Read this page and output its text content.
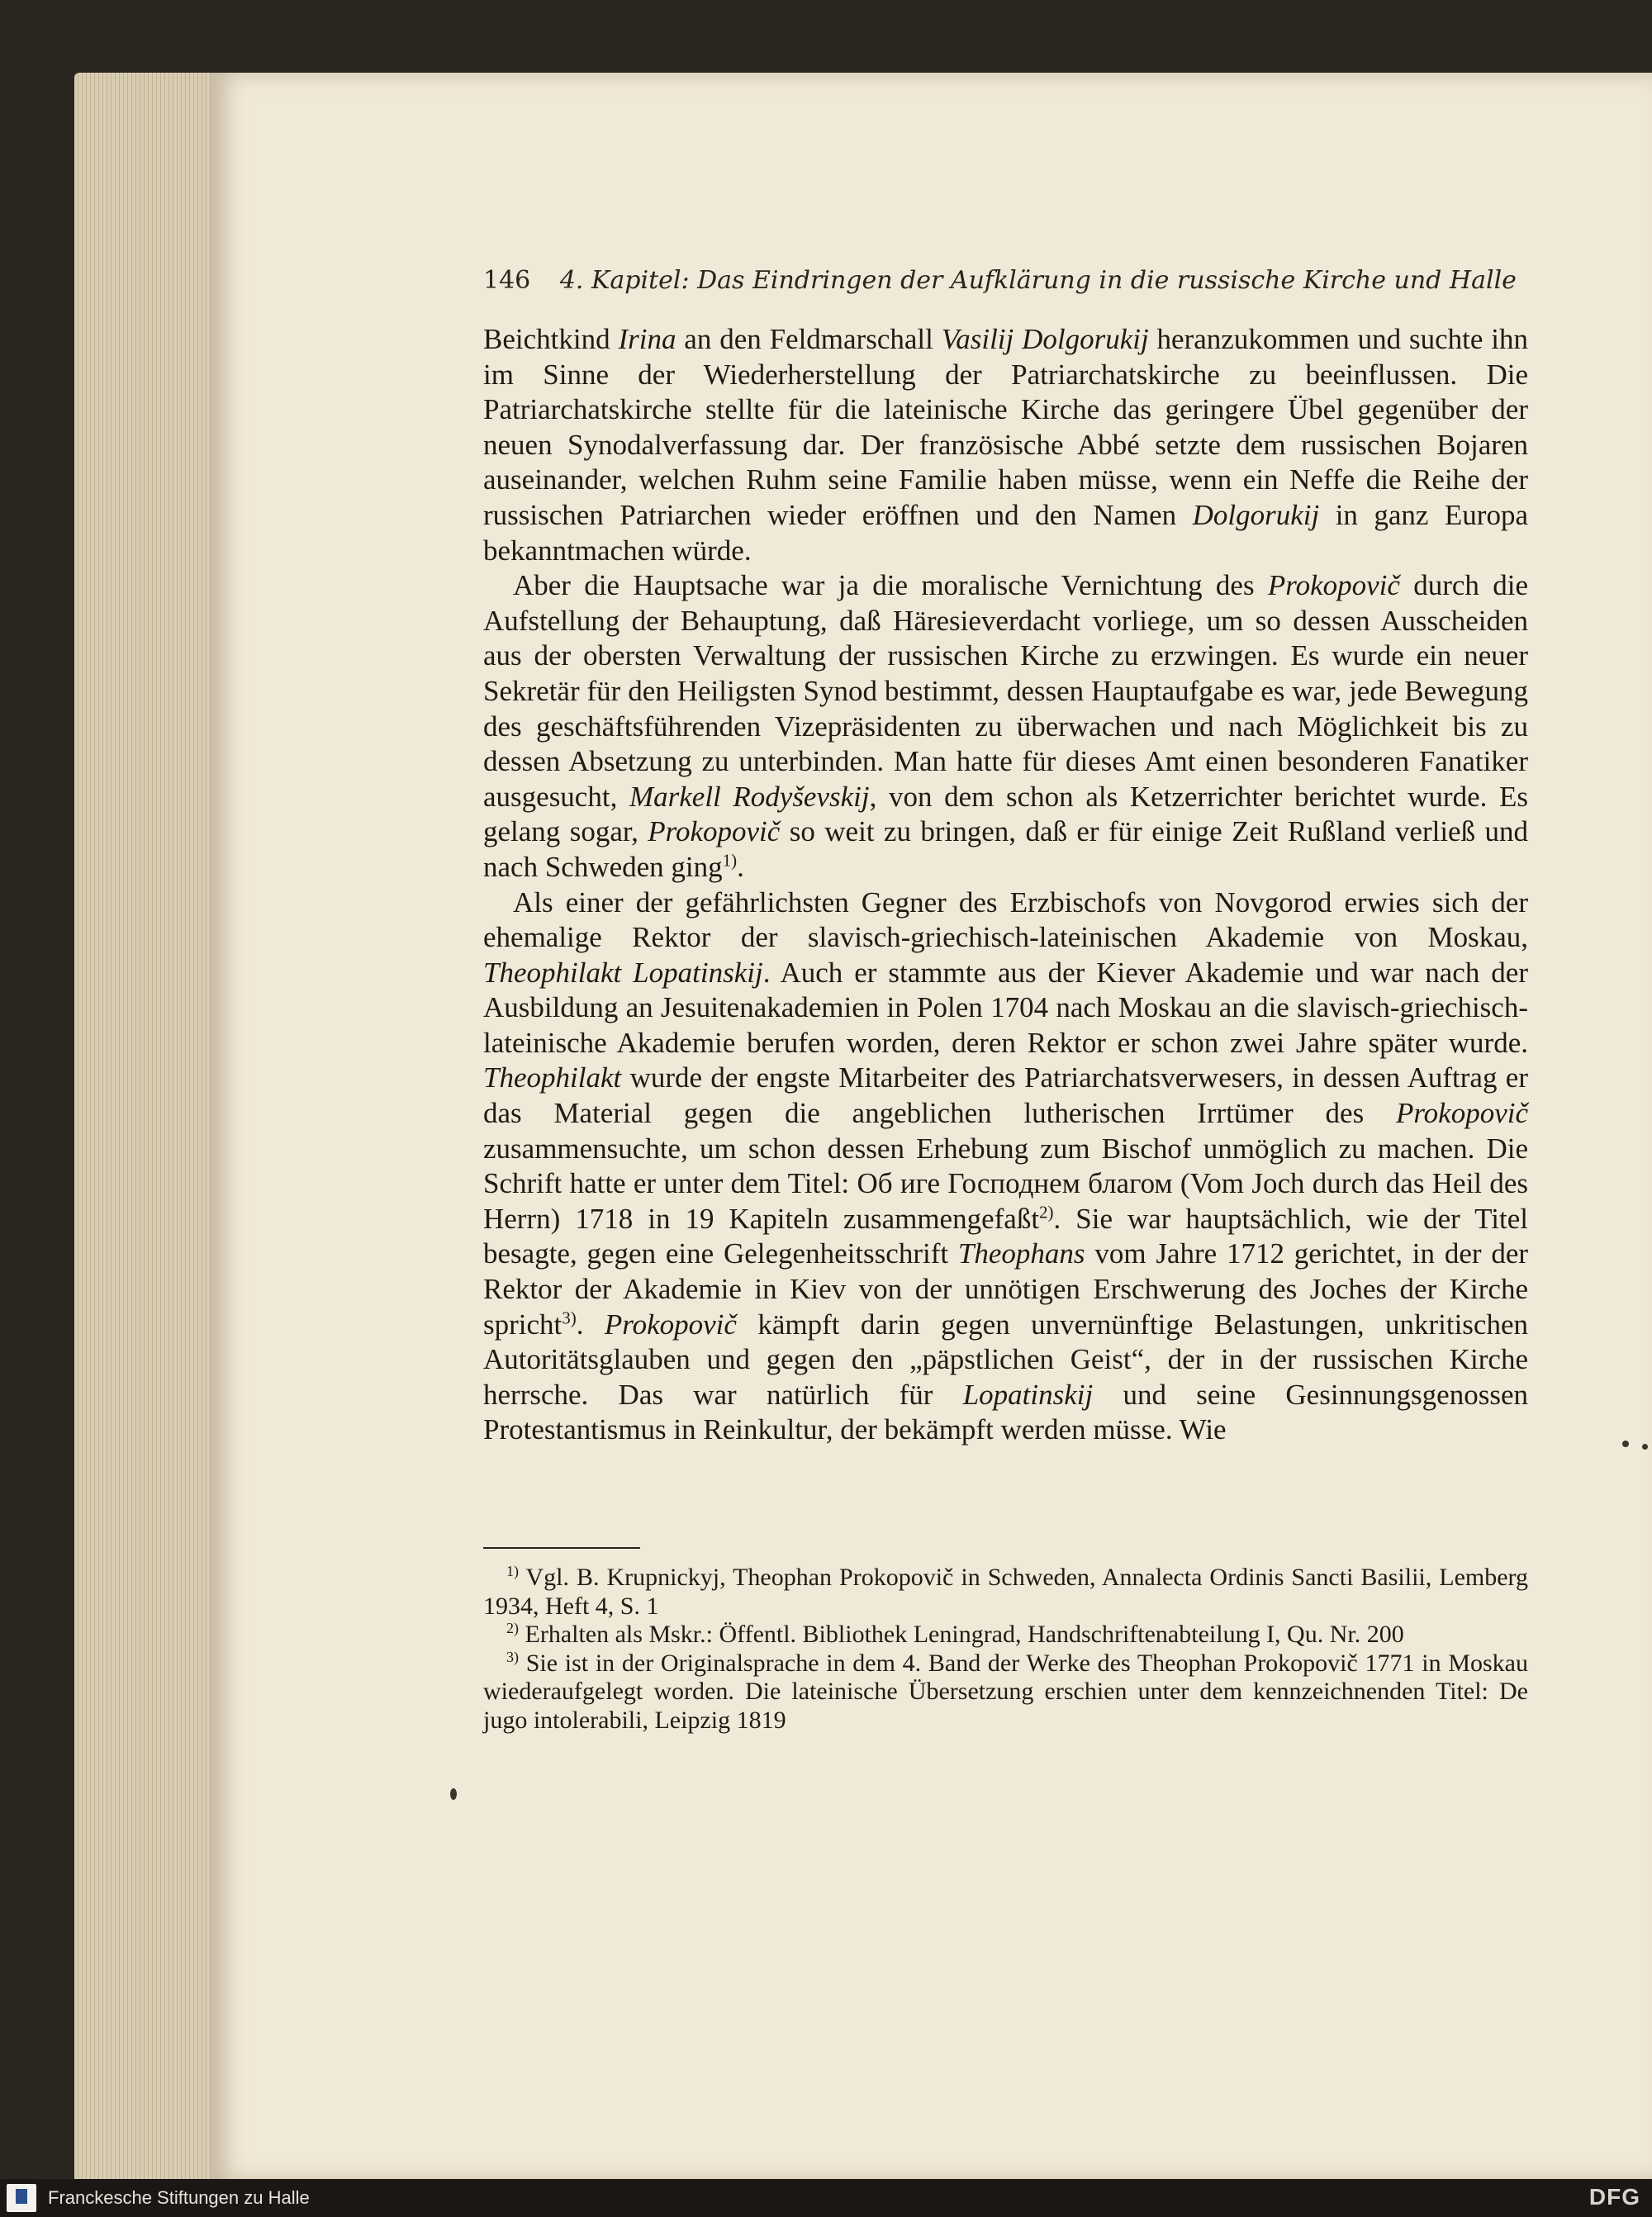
146 4. Kapitel: Das Eindringen der Aufklärung in die russische Kirche und Halle

Beichtkind Irina an den Feldmarschall Vasilij Dolgorukij heranzukommen und suchte ihn im Sinne der Wiederherstellung der Patriarchatskirche zu beeinflussen. Die Patriarchatskirche stellte für die lateinische Kirche das geringere Übel gegenüber der neuen Synodalverfassung dar. Der französische Abbé setzte dem russischen Bojaren auseinander, welchen Ruhm seine Familie haben müsse, wenn ein Neffe die Reihe der russischen Patriarchen wieder eröffnen und den Namen Dolgorukij in ganz Europa bekanntmachen würde.

Aber die Hauptsache war ja die moralische Vernichtung des Prokopovič durch die Aufstellung der Behauptung, daß Häresieverdacht vorliege, um so dessen Ausscheiden aus der obersten Verwaltung der russischen Kirche zu erzwingen. Es wurde ein neuer Sekretär für den Heiligsten Synod bestimmt, dessen Hauptaufgabe es war, jede Bewegung des geschäftsführenden Vizepräsidenten zu überwachen und nach Möglichkeit bis zu dessen Absetzung zu unterbinden. Man hatte für dieses Amt einen besonderen Fanatiker ausgesucht, Markell Rodyševskij, von dem schon als Ketzerrichter berichtet wurde. Es gelang sogar, Prokopovič so weit zu bringen, daß er für einige Zeit Rußland verließ und nach Schweden ging$^{1)}$.

Als einer der gefährlichsten Gegner des Erzbischofs von Novgorod erwies sich der ehemalige Rektor der slavisch-griechisch-lateinischen Akademie von Moskau, Theophilakt Lopatinskij. Auch er stammte aus der Kiever Akademie und war nach der Ausbildung an Jesuitenakademien in Polen 1704 nach Moskau an die slavisch-griechisch-lateinische Akademie berufen worden, deren Rektor er schon zwei Jahre später wurde. Theophilakt wurde der engste Mitarbeiter des Patriarchatsverwesers, in dessen Auftrag er das Material gegen die angeblichen lutherischen Irrtümer des Prokopovič zusammensuchte, um schon dessen Erhebung zum Bischof unmöglich zu machen. Die Schrift hatte er unter dem Titel: Об иге Господнем благом (Vom Joch durch das Heil des Herrn) 1718 in 19 Kapiteln zusammengefaßt$^{2)}$. Sie war hauptsächlich, wie der Titel besagte, gegen eine Gelegenheitsschrift Theophans vom Jahre 1712 gerichtet, in der der Rektor der Akademie in Kiev von der unnötigen Erschwerung des Joches der Kirche spricht$^{3)}$. Prokopovič kämpft darin gegen unvernünftige Belastungen, unkritischen Autoritätsglauben und gegen den „päpstlichen Geist“, der in der russischen Kirche herrsche. Das war natürlich für Lopatinskij und seine Gesinnungsgenossen Protestantismus in Reinkultur, der bekämpft werden müsse. Wie

$^{1)}$ Vgl. B. Krupnickyj, Theophan Prokopovič in Schweden, Annalecta Ordinis Sancti Basilii, Lemberg 1934, Heft 4, S. 1

$^{2)}$ Erhalten als Mskr.: Öffentl. Bibliothek Leningrad, Handschriftenabteilung I, Qu. Nr. 200

$^{3)}$ Sie ist in der Originalsprache in dem 4. Band der Werke des Theophan Prokopovič 1771 in Moskau wiederaufgelegt worden. Die lateinische Übersetzung erschien unter dem kennzeichnenden Titel: De jugo intolerabili, Leipzig 1819

Franckesche Stiftungen zu Halle	DFG
